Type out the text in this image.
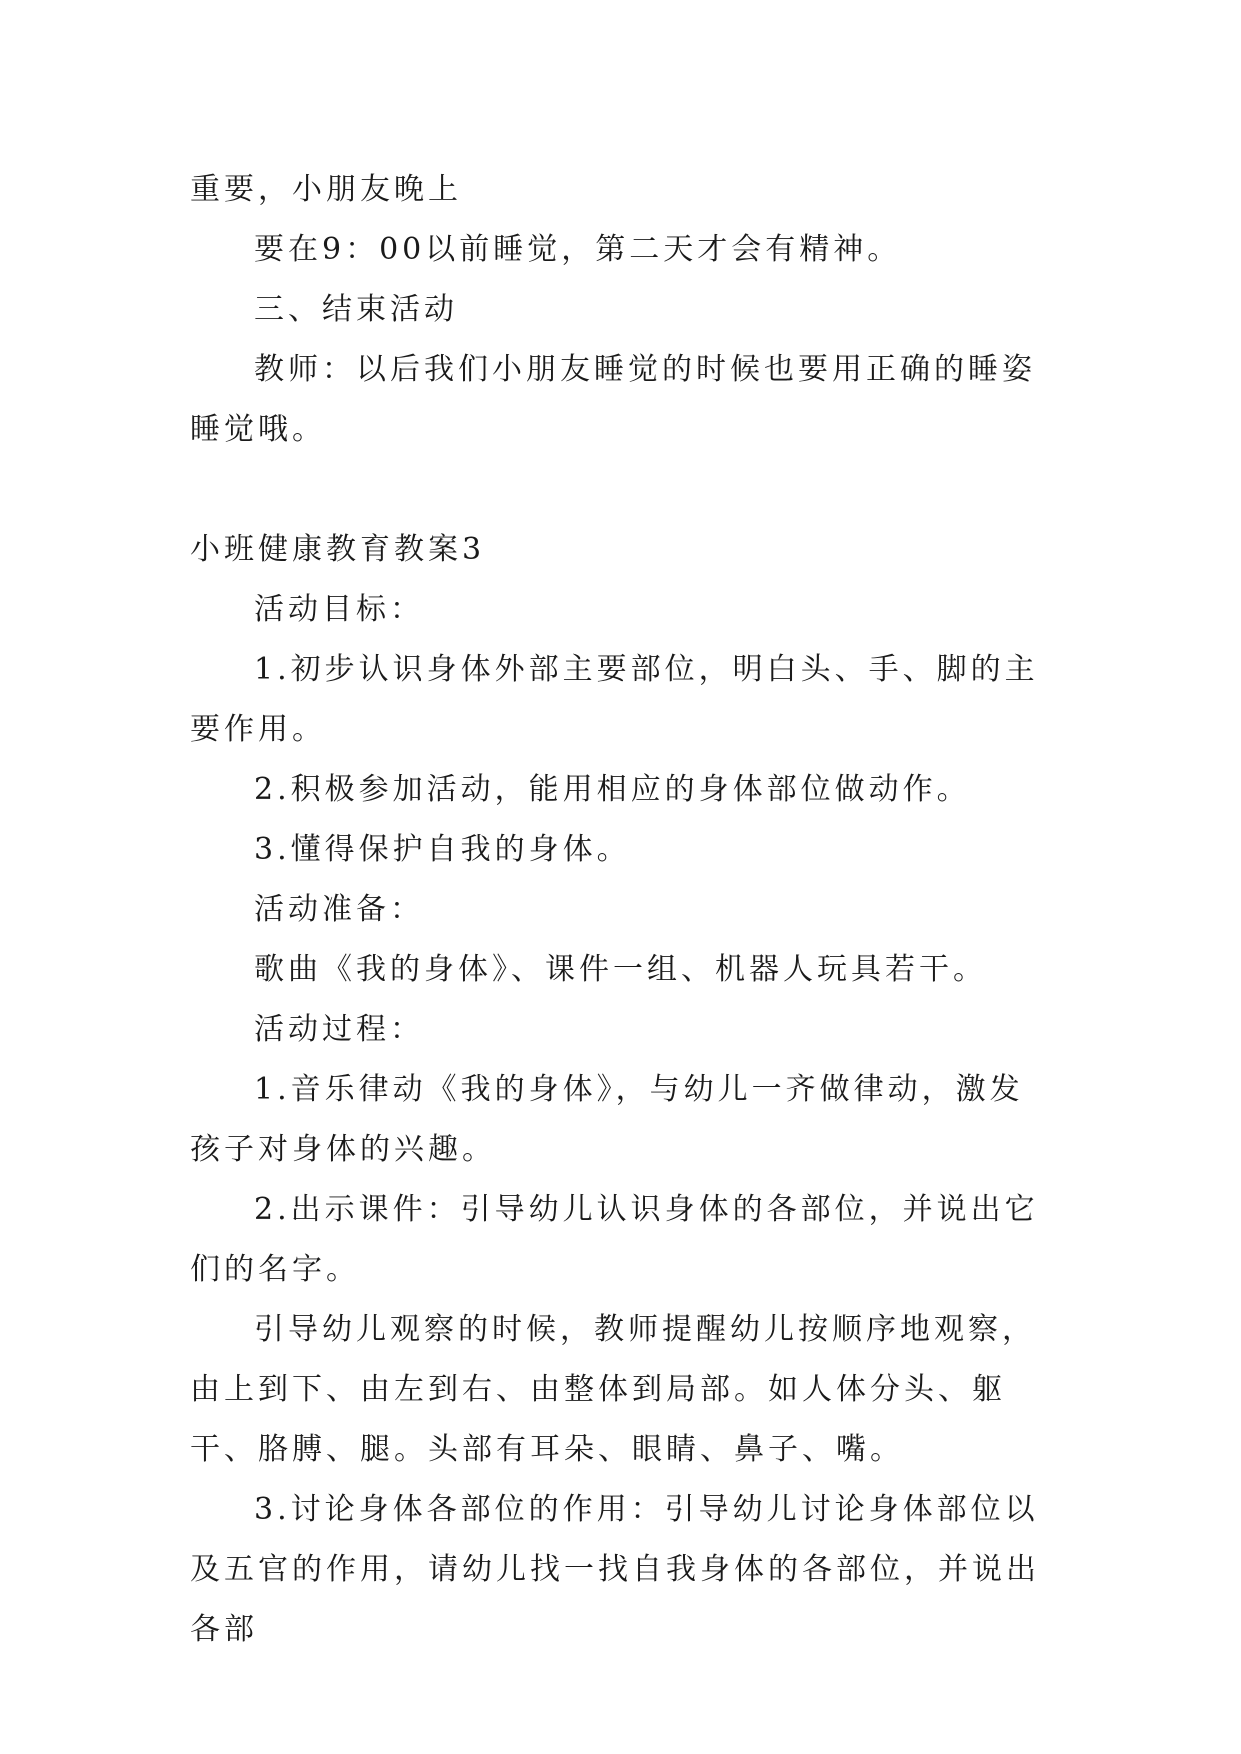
重要，小朋友晚上

要在9：00以前睡觉，第二天才会有精神。

三、结束活动

教师：以后我们小朋友睡觉的时候也要用正确的睡姿睡觉哦。

小班健康教育教案3

活动目标：

1.初步认识身体外部主要部位，明白头、手、脚的主要作用。

2.积极参加活动，能用相应的身体部位做动作。

3.懂得保护自我的身体。

活动准备：

歌曲《我的身体》、课件一组、机器人玩具若干。

活动过程：

1.音乐律动《我的身体》，与幼儿一齐做律动，激发孩子对身体的兴趣。

2.出示课件：引导幼儿认识身体的各部位，并说出它们的名字。

引导幼儿观察的时候，教师提醒幼儿按顺序地观察，由上到下、由左到右、由整体到局部。如人体分头、躯干、胳膊、腿。头部有耳朵、眼睛、鼻子、嘴。

3.讨论身体各部位的作用：引导幼儿讨论身体部位以及五官的作用，请幼儿找一找自我身体的各部位，并说出各部
